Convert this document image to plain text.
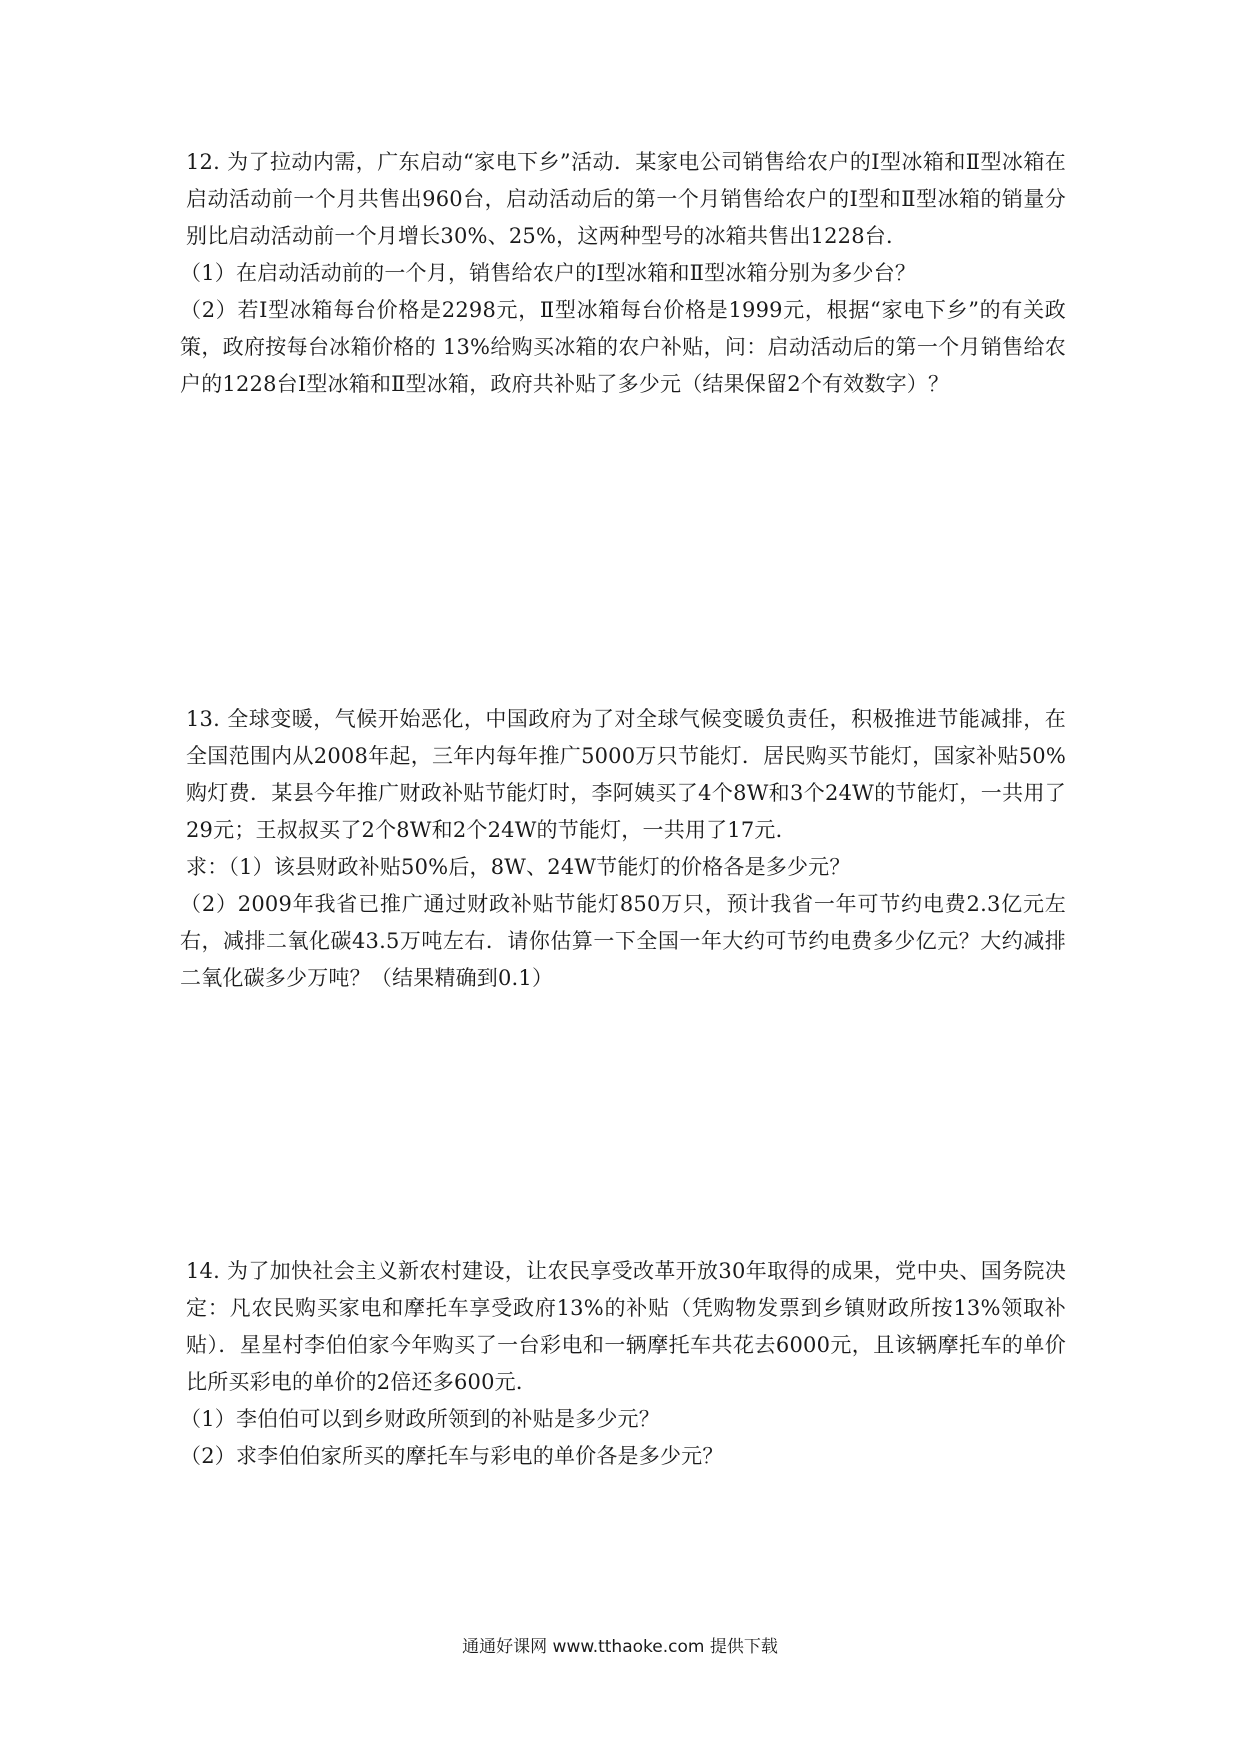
12. 为了拉动内需，广东启动“家电下乡”活动．某家电公司销售给农户的Ⅰ型冰箱和Ⅱ型冰箱在启动活动前一个月共售出960台，启动活动后的第一个月销售给农户的Ⅰ型和Ⅱ型冰箱的销量分别比启动活动前一个月增长30%、25%，这两种型号的冰箱共售出1228台．

（1）在启动活动前的一个月，销售给农户的Ⅰ型冰箱和Ⅱ型冰箱分别为多少台？

（2）若Ⅰ型冰箱每台价格是2298元，Ⅱ型冰箱每台价格是1999元，根据“家电下乡”的有关政策，政府按每台冰箱价格的 13%给购买冰箱的农户补贴，问：启动活动后的第一个月销售给农户的1228台Ⅰ型冰箱和Ⅱ型冰箱，政府共补贴了多少元（结果保留2个有效数字）？

13. 全球变暖，气候开始恶化，中国政府为了对全球气候变暖负责任，积极推进节能减排，在全国范围内从2008年起，三年内每年推广5000万只节能灯．居民购买节能灯，国家补贴50%购灯费．某县今年推广财政补贴节能灯时，李阿姨买了4个8W和3个24W的节能灯，一共用了29元；王叔叔买了2个8W和2个24W的节能灯，一共用了17元．

求：（1）该县财政补贴50%后，8W、24W节能灯的价格各是多少元？

（2）2009年我省已推广通过财政补贴节能灯850万只，预计我省一年可节约电费2.3亿元左右，减排二氧化碳43.5万吨左右．请你估算一下全国一年大约可节约电费多少亿元？大约减排二氧化碳多少万吨？（结果精确到0.1）

14. 为了加快社会主义新农村建设，让农民享受改革开放30年取得的成果，党中央、国务院决定：凡农民购买家电和摩托车享受政府13%的补贴（凭购物发票到乡镇财政所按13%领取补贴）．星星村李伯伯家今年购买了一台彩电和一辆摩托车共花去6000元，且该辆摩托车的单价比所买彩电的单价的2倍还多600元．

（1）李伯伯可以到乡财政所领到的补贴是多少元？

（2）求李伯伯家所买的摩托车与彩电的单价各是多少元？

通通好课网 www.tthaoke.com 提供下载
